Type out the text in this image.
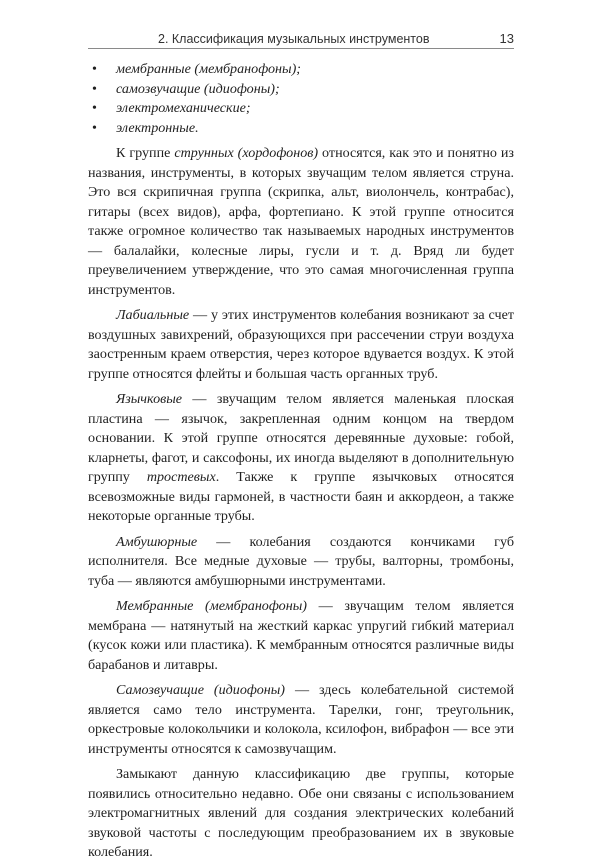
2. Классификация музыкальных инструментов	13
• мембранные (мембранофоны);
• самозвучащие (идиофоны);
• электромеханические;
• электронные.

К группе струнных (хордофонов) относятся, как это и понятно из названия, инструменты, в которых звучащим телом является струна. Это вся скрипичная группа (скрипка, альт, виолончель, контрабас), гитары (всех видов), арфа, фортепиано. К этой группе относится также огромное количество так называемых народных инструментов — балалайки, колесные лиры, гусли и т. д. Вряд ли будет преувеличением утверждение, что это самая многочисленная группа инструментов.

Лабиальные — у этих инструментов колебания возникают за счет воздушных завихрений, образующихся при рассечении струи воздуха заостренным краем отверстия, через которое вдувается воздух. К этой группе относятся флейты и большая часть органных труб.

Язычковые — звучащим телом является маленькая плоская пластина — язычок, закрепленная одним концом на твердом основании. К этой группе относятся деревянные духовые: гобой, кларнеты, фагот, и саксофоны, их иногда выделяют в дополнительную группу тростевых. Также к группе язычковых относятся всевозможные виды гармоней, в частности баян и аккордеон, а также некоторые органные трубы.

Амбушюрные — колебания создаются кончиками губ исполнителя. Все медные духовые — трубы, валторны, тромбоны, туба — являются амбушюрными инструментами.

Мембранные (мембранофоны) — звучащим телом является мембрана — натянутый на жесткий каркас упругий гибкий материал (кусок кожи или пластика). К мембранным относятся различные виды барабанов и литавры.

Самозвучащие (идиофоны) — здесь колебательной системой является само тело инструмента. Тарелки, гонг, треугольник, оркестровые колокольчики и колокола, ксилофон, вибрафон — все эти инструменты относятся к самозвучащим.

Замыкают данную классификацию две группы, которые появились относительно недавно. Обе они связаны с использованием электромагнитных явлений для создания электрических колебаний звуковой частоты с последующим преобразованием их в звуковые колебания.
